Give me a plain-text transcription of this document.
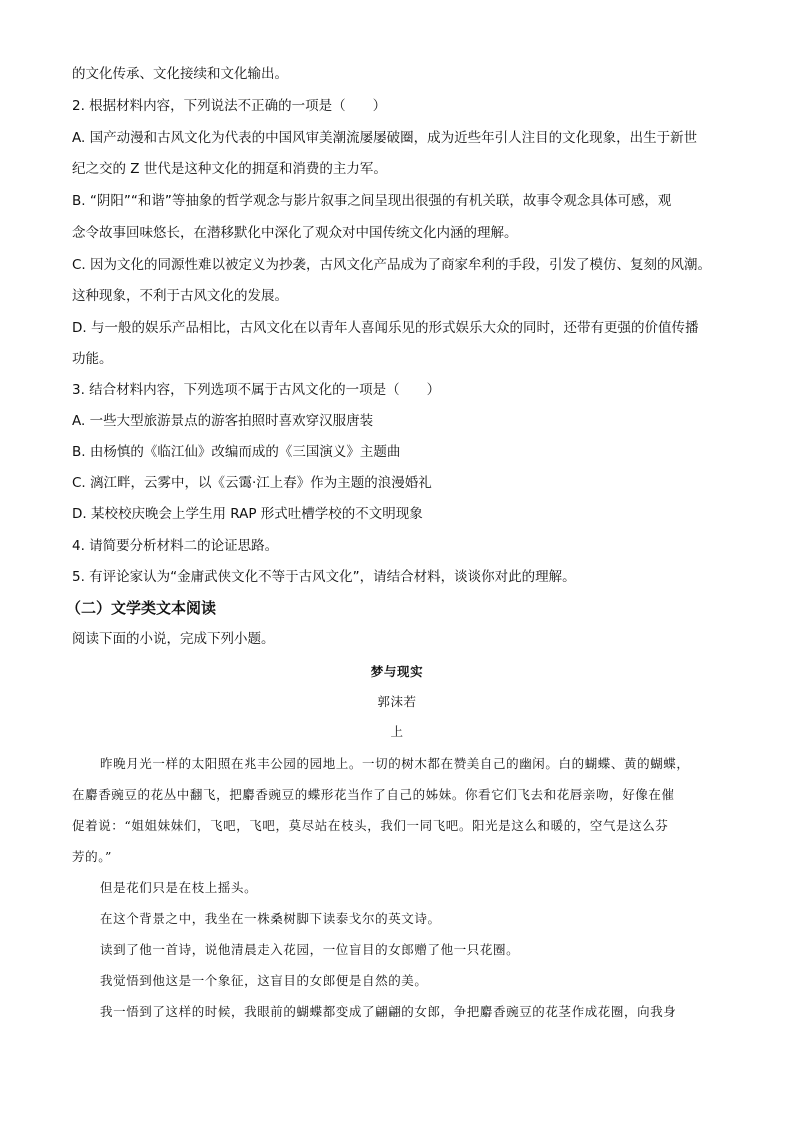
的文化传承、文化接续和文化输出。
2. 根据材料内容，下列说法不正确的一项是（　　）
A. 国产动漫和古风文化为代表的中国风审美潮流屡屡破圈，成为近些年引人注目的文化现象，出生于新世
纪之交的 Z 世代是这种文化的拥趸和消费的主力军。
B. “阴阳”“和谐”等抽象的哲学观念与影片叙事之间呈现出很强的有机关联，故事令观念具体可感，观
念令故事回味悠长，在潜移默化中深化了观众对中国传统文化内涵的理解。
C. 因为文化的同源性难以被定义为抄袭，古风文化产品成为了商家牟利的手段，引发了模仿、复刻的风潮。
这种现象，不利于古风文化的发展。
D. 与一般的娱乐产品相比，古风文化在以青年人喜闻乐见的形式娱乐大众的同时，还带有更强的价值传播
功能。
3. 结合材料内容，下列选项不属于古风文化的一项是（　　）
A. 一些大型旅游景点的游客拍照时喜欢穿汉服唐装
B. 由杨慎的《临江仙》改编而成的《三国演义》主题曲
C. 漓江畔，云雾中，以《云霭·江上春》作为主题的浪漫婚礼
D. 某校校庆晚会上学生用 RAP 形式吐槽学校的不文明现象
4. 请简要分析材料二的论证思路。
5. 有评论家认为“金庸武侠文化不等于古风文化”，请结合材料，谈谈你对此的理解。
（二）文学类文本阅读
阅读下面的小说，完成下列小题。
梦与现实
郭沫若
上
昨晚月光一样的太阳照在兆丰公园的园地上。一切的树木都在赞美自己的幽闲。白的蝴蝶、黄的蝴蝶，
在麝香豌豆的花丛中翻飞，把麝香豌豆的蝶形花当作了自己的姊妹。你看它们飞去和花唇亲吻，好像在催
促着说：“姐姐妹妹们，飞吧，飞吧，莫尽站在枝头，我们一同飞吧。阳光是这么和暖的，空气是这么芬
芳的。”
但是花们只是在枝上摇头。
在这个背景之中，我坐在一株桑树脚下读泰戈尔的英文诗。
读到了他一首诗，说他清晨走入花园，一位盲目的女郎赠了他一只花圈。
我觉悟到他这是一个象征，这盲目的女郎便是自然的美。
我一悟到了这样的时候，我眼前的蝴蝶都变成了翩翩的女郎，争把麝香豌豆的花茎作成花圈，向我身
